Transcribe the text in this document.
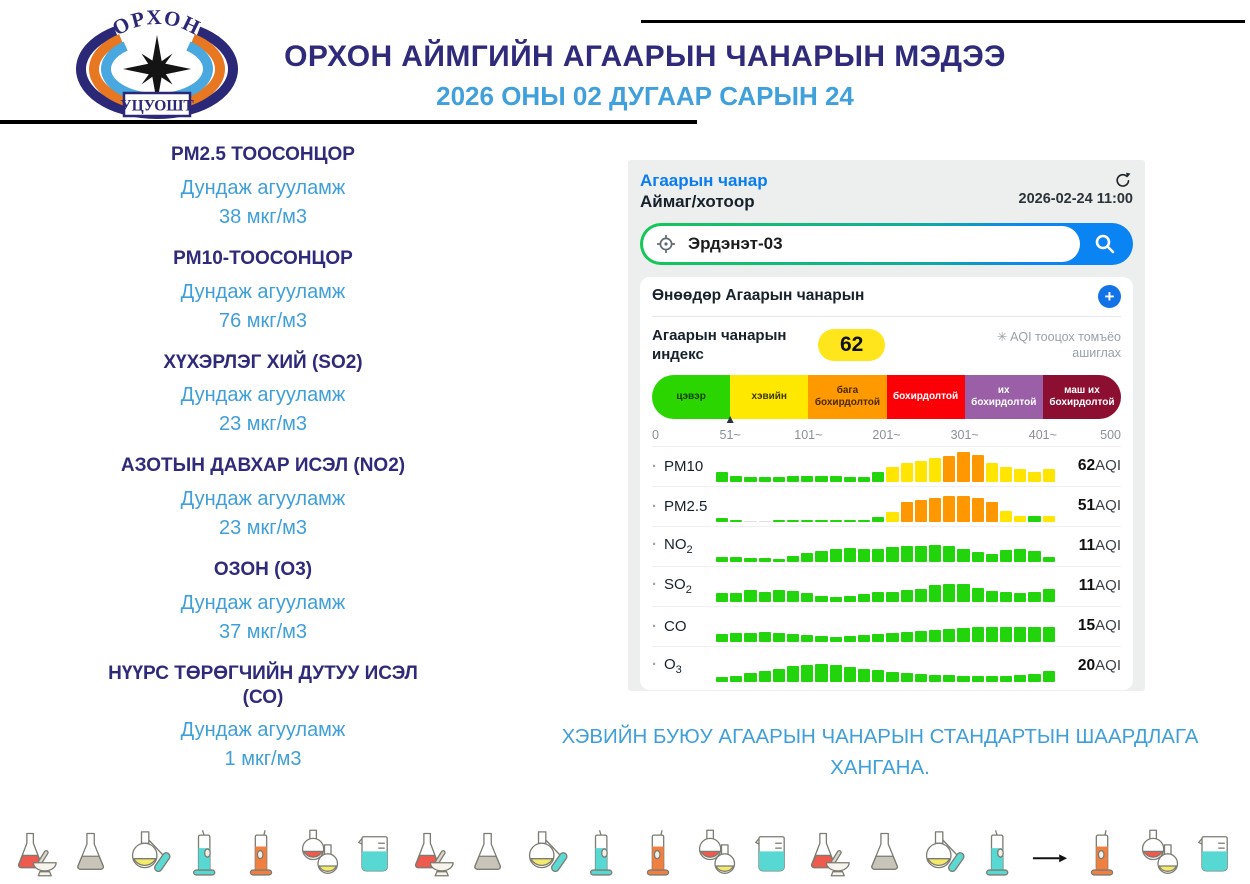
ОРХОН
УЦУОШТ
ОРХОН АЙМГИЙН АГААРЫН ЧАНАРЫН МЭДЭЭ
2026 ОНЫ 02 ДУГААР САРЫН 24
PM2.5 ТООСОНЦОР
Дундаж агууламж
38 мкг/м3
PM10-ТООСОНЦОР
Дундаж агууламж
76 мкг/м3
ХҮХЭРЛЭГ ХИЙ (SO2)
Дундаж агууламж
23 мкг/м3
АЗОТЫН ДАВХАР ИСЭЛ (NO2)
Дундаж агууламж
23 мкг/м3
ОЗОН (О3)
Дундаж агууламж
37 мкг/м3
НҮҮРС ТӨРӨГЧИЙН ДУТУУ ИСЭЛ (СО)
Дундаж агууламж
1 мкг/м3
Агаарын чанар
Аймаг/хотоор	2026-02-24 11:00
Эрдэнэт-03
Өнөөдөр Агаарын чанарын	+
Агаарын чанарын индекс	62	✳ AQI тооцох томъёо ашиглах
цэвэр	хэвийн
бага бохирдолтой
бохирдолтой
их бохирдолтой
маш их бохирдолтой
▲
0	51~	101~	201~	301~	401~	500
· PM10	62AQI
· PM2.5	51AQI
· $NO_2$	11AQI
· $SO_2$	11AQI
· CO	15AQI
· $O_3$	20AQI
ХЭВИЙН БУЮУ АГААРЫН ЧАНАРЫН СТАНДАРТЫН ШААРДЛАГА ХАНГАНА.
